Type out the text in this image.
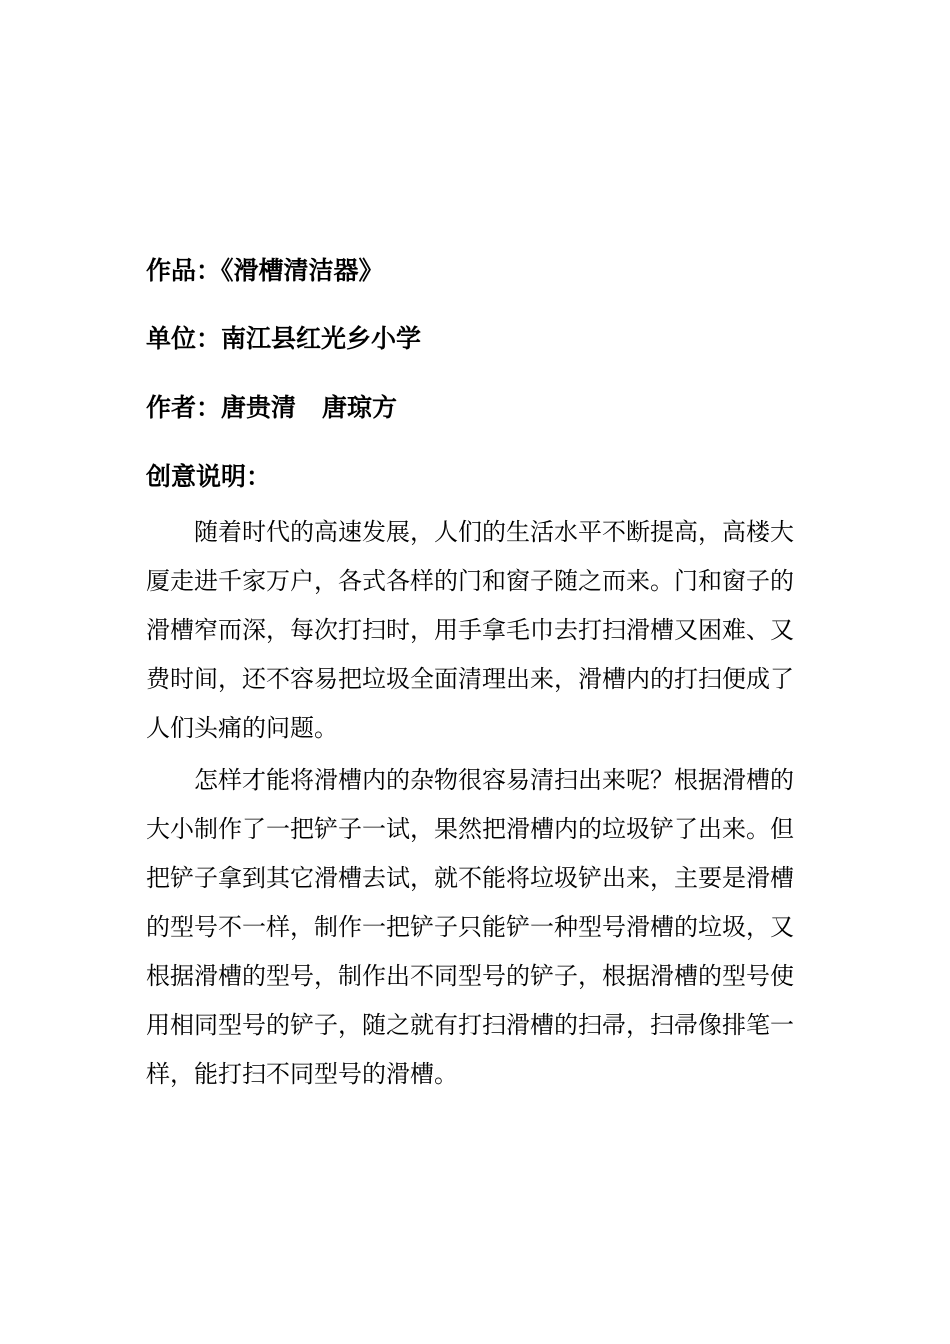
作品：《滑槽清洁器》
单位：南江县红光乡小学
作者：唐贵清 唐琼方
创意说明：
随着时代的高速发展，人们的生活水平不断提高，高楼大
厦走进千家万户，各式各样的门和窗子随之而来。门和窗子的
滑槽窄而深，每次打扫时，用手拿毛巾去打扫滑槽又困难、又
费时间，还不容易把垃圾全面清理出来，滑槽内的打扫便成了
人们头痛的问题。
怎样才能将滑槽内的杂物很容易清扫出来呢？根据滑槽的
大小制作了一把铲子一试，果然把滑槽内的垃圾铲了出来。但
把铲子拿到其它滑槽去试，就不能将垃圾铲出来，主要是滑槽
的型号不一样，制作一把铲子只能铲一种型号滑槽的垃圾，又
根据滑槽的型号，制作出不同型号的铲子，根据滑槽的型号使
用相同型号的铲子，随之就有打扫滑槽的扫帚，扫帚像排笔一
样，能打扫不同型号的滑槽。
